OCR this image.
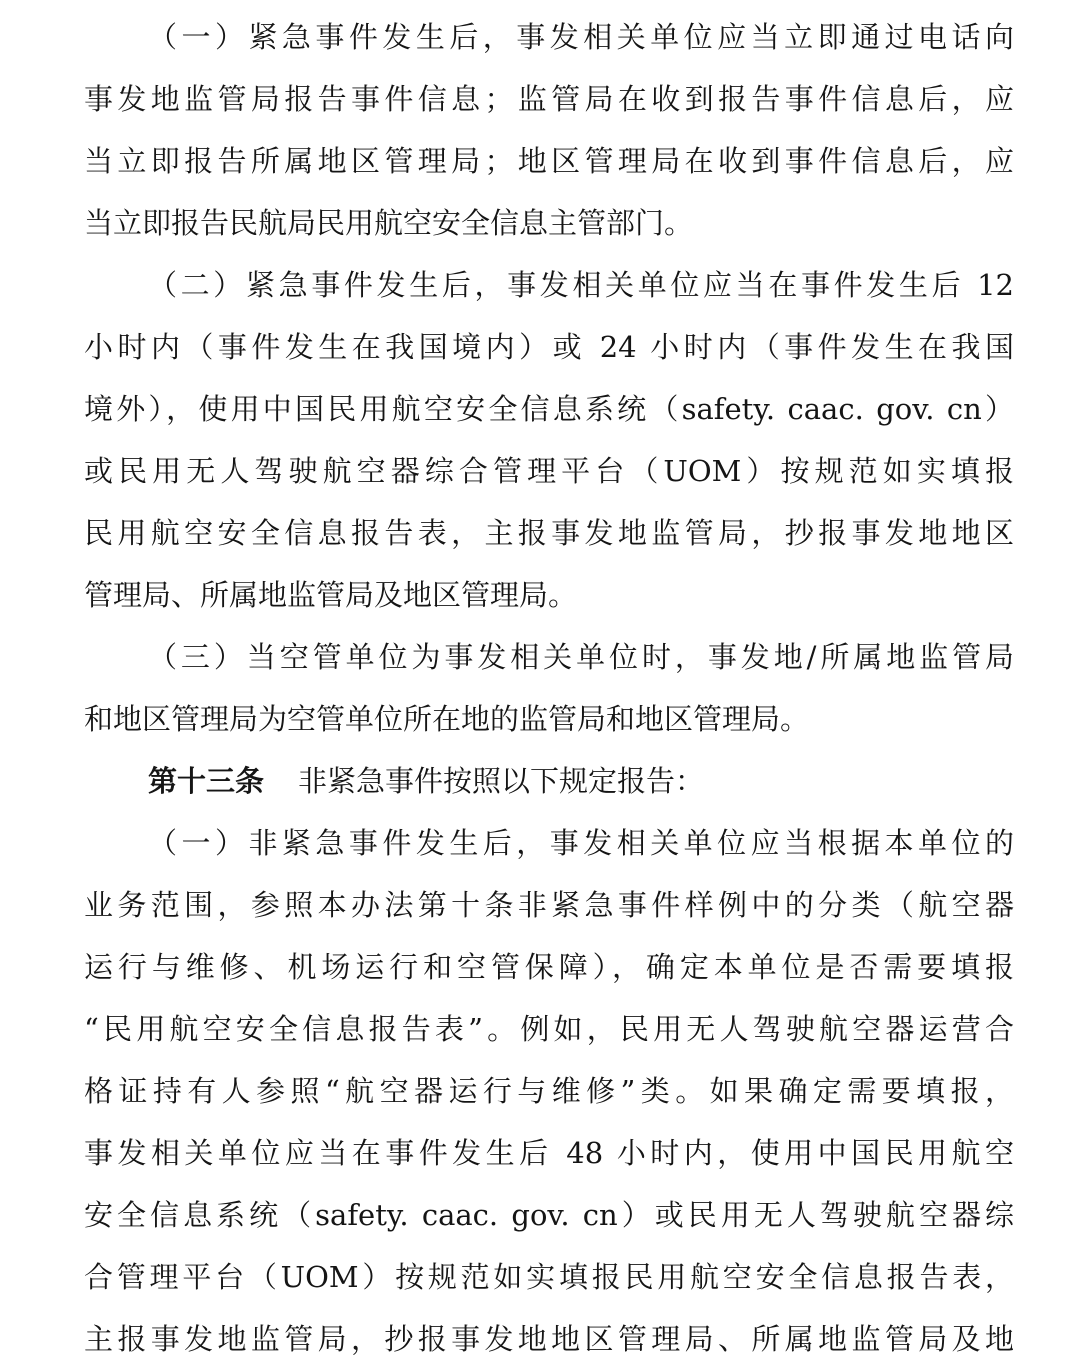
（一）紧急事件发生后，事发相关单位应当立即通过电话向
事发地监管局报告事件信息；监管局在收到报告事件信息后，应
当立即报告所属地区管理局；地区管理局在收到事件信息后，应
当立即报告民航局民用航空安全信息主管部门。
（二）紧急事件发生后，事发相关单位应当在事件发生后 12
小时内（事件发生在我国境内）或 24 小时内（事件发生在我国
境外），使用中国民用航空安全信息系统（safety. caac. gov. cn）
或民用无人驾驶航空器综合管理平台（UOM）按规范如实填报
民用航空安全信息报告表，主报事发地监管局，抄报事发地地区
管理局、所属地监管局及地区管理局。
（三）当空管单位为事发相关单位时，事发地/所属地监管局
和地区管理局为空管单位所在地的监管局和地区管理局。
第十三条 非紧急事件按照以下规定报告：
（一）非紧急事件发生后，事发相关单位应当根据本单位的
业务范围，参照本办法第十条非紧急事件样例中的分类（航空器
运行与维修、机场运行和空管保障），确定本单位是否需要填报
“民用航空安全信息报告表”。例如，民用无人驾驶航空器运营合
格证持有人参照“航空器运行与维修”类。如果确定需要填报，
事发相关单位应当在事件发生后 48 小时内，使用中国民用航空
安全信息系统（safety. caac. gov. cn）或民用无人驾驶航空器综
合管理平台（UOM）按规范如实填报民用航空安全信息报告表，
主报事发地监管局，抄报事发地地区管理局、所属地监管局及地
